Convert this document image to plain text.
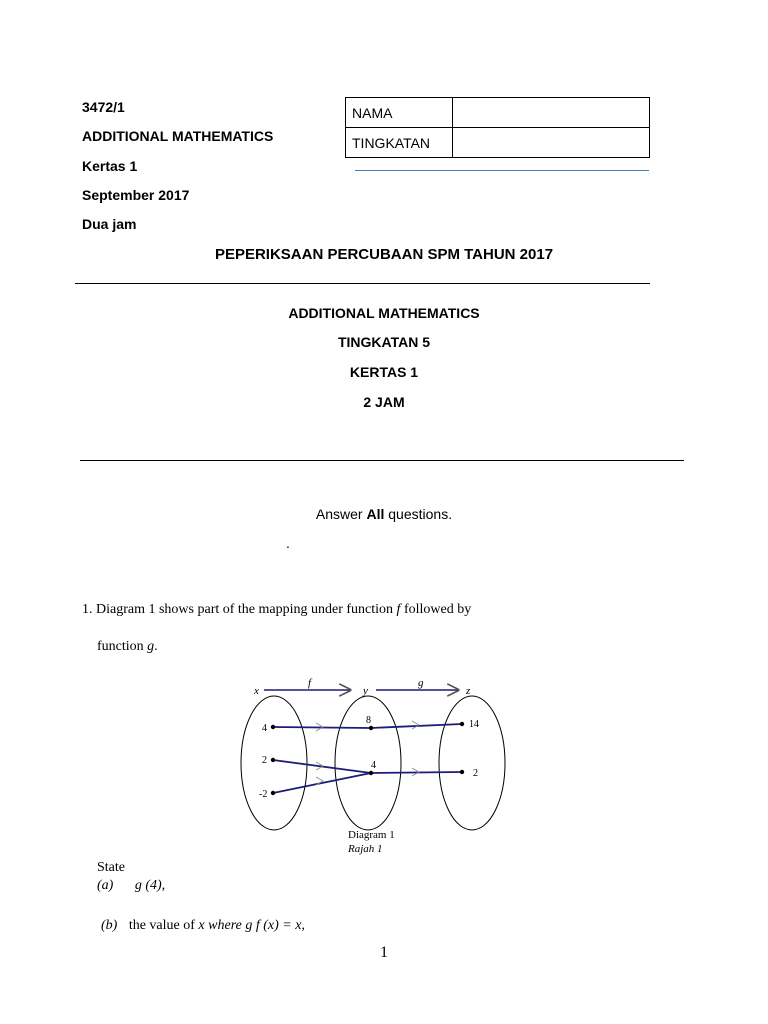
3472/1
ADDITIONAL MATHEMATICS
Kertas 1
September 2017
Dua jam
NAMA	
TINGKATAN	
PEPERIKSAAN PERCUBAAN SPM TAHUN 2017
ADDITIONAL MATHEMATICS
TINGKATAN 5
KERTAS 1
2 JAM
Answer All questions.
.
1. Diagram 1 shows part of the mapping under function f followed by
function g.
x
f
y
g
z
4
2
-2
8
4
14
2
Diagram 1
Rajah 1
State
(a) g (4),
(b) the value of x where g f (x) = x,
1
